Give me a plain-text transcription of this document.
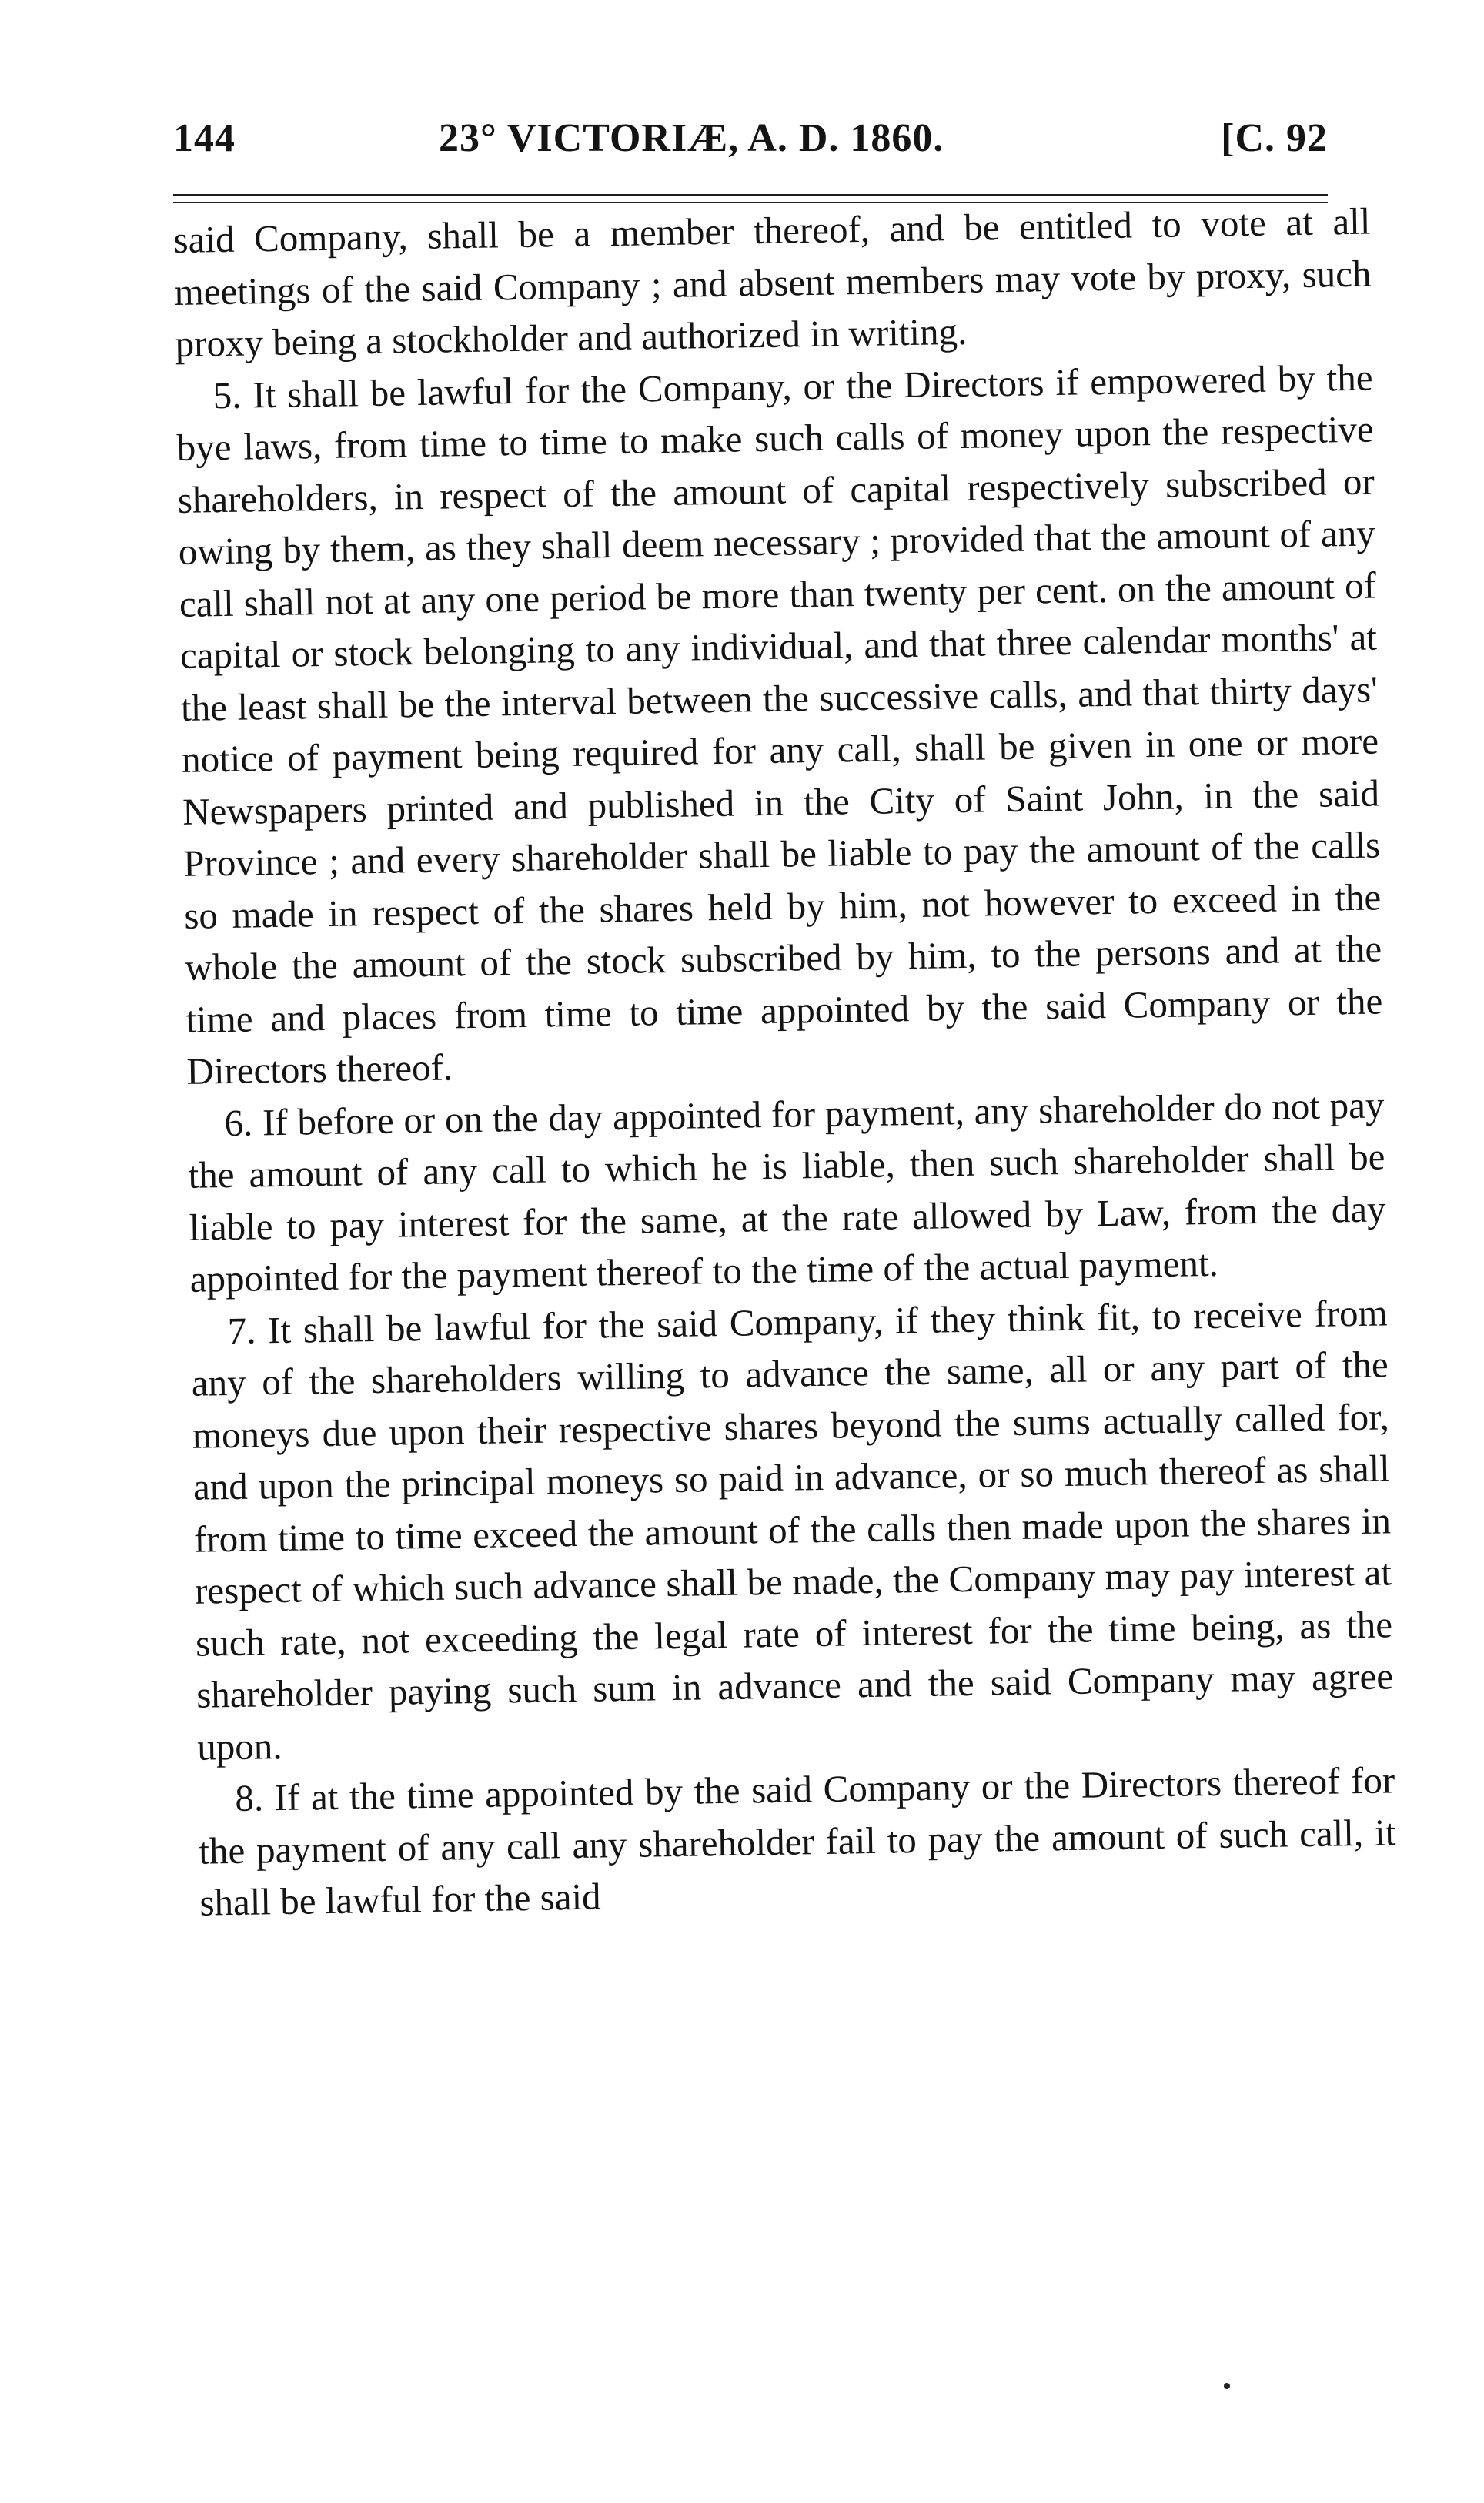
144	23° VICTORIÆ, A. D. 1860.	[C. 92

said Company, shall be a member thereof, and be entitled to vote at all meetings of the said Company ; and absent members may vote by proxy, such proxy being a stockholder and authorized in writing.

5. It shall be lawful for the Company, or the Directors if empowered by the bye laws, from time to time to make such calls of money upon the respective shareholders, in respect of the amount of capital respectively subscribed or owing by them, as they shall deem necessary ; provided that the amount of any call shall not at any one period be more than twenty per cent. on the amount of capital or stock belonging to any individual, and that three calendar months' at the least shall be the interval between the successive calls, and that thirty days' notice of payment being required for any call, shall be given in one or more Newspapers printed and published in the City of Saint John, in the said Province ; and every shareholder shall be liable to pay the amount of the calls so made in respect of the shares held by him, not however to exceed in the whole the amount of the stock subscribed by him, to the persons and at the time and places from time to time appointed by the said Company or the Directors thereof.

6. If before or on the day appointed for payment, any shareholder do not pay the amount of any call to which he is liable, then such shareholder shall be liable to pay interest for the same, at the rate allowed by Law, from the day appointed for the payment thereof to the time of the actual payment.

7. It shall be lawful for the said Company, if they think fit, to receive from any of the shareholders willing to advance the same, all or any part of the moneys due upon their respective shares beyond the sums actually called for, and upon the principal moneys so paid in advance, or so much thereof as shall from time to time exceed the amount of the calls then made upon the shares in respect of which such advance shall be made, the Company may pay interest at such rate, not exceeding the legal rate of interest for the time being, as the shareholder paying such sum in advance and the said Company may agree upon.

8. If at the time appointed by the said Company or the Directors thereof for the payment of any call any shareholder fail to pay the amount of such call, it shall be lawful for the said
